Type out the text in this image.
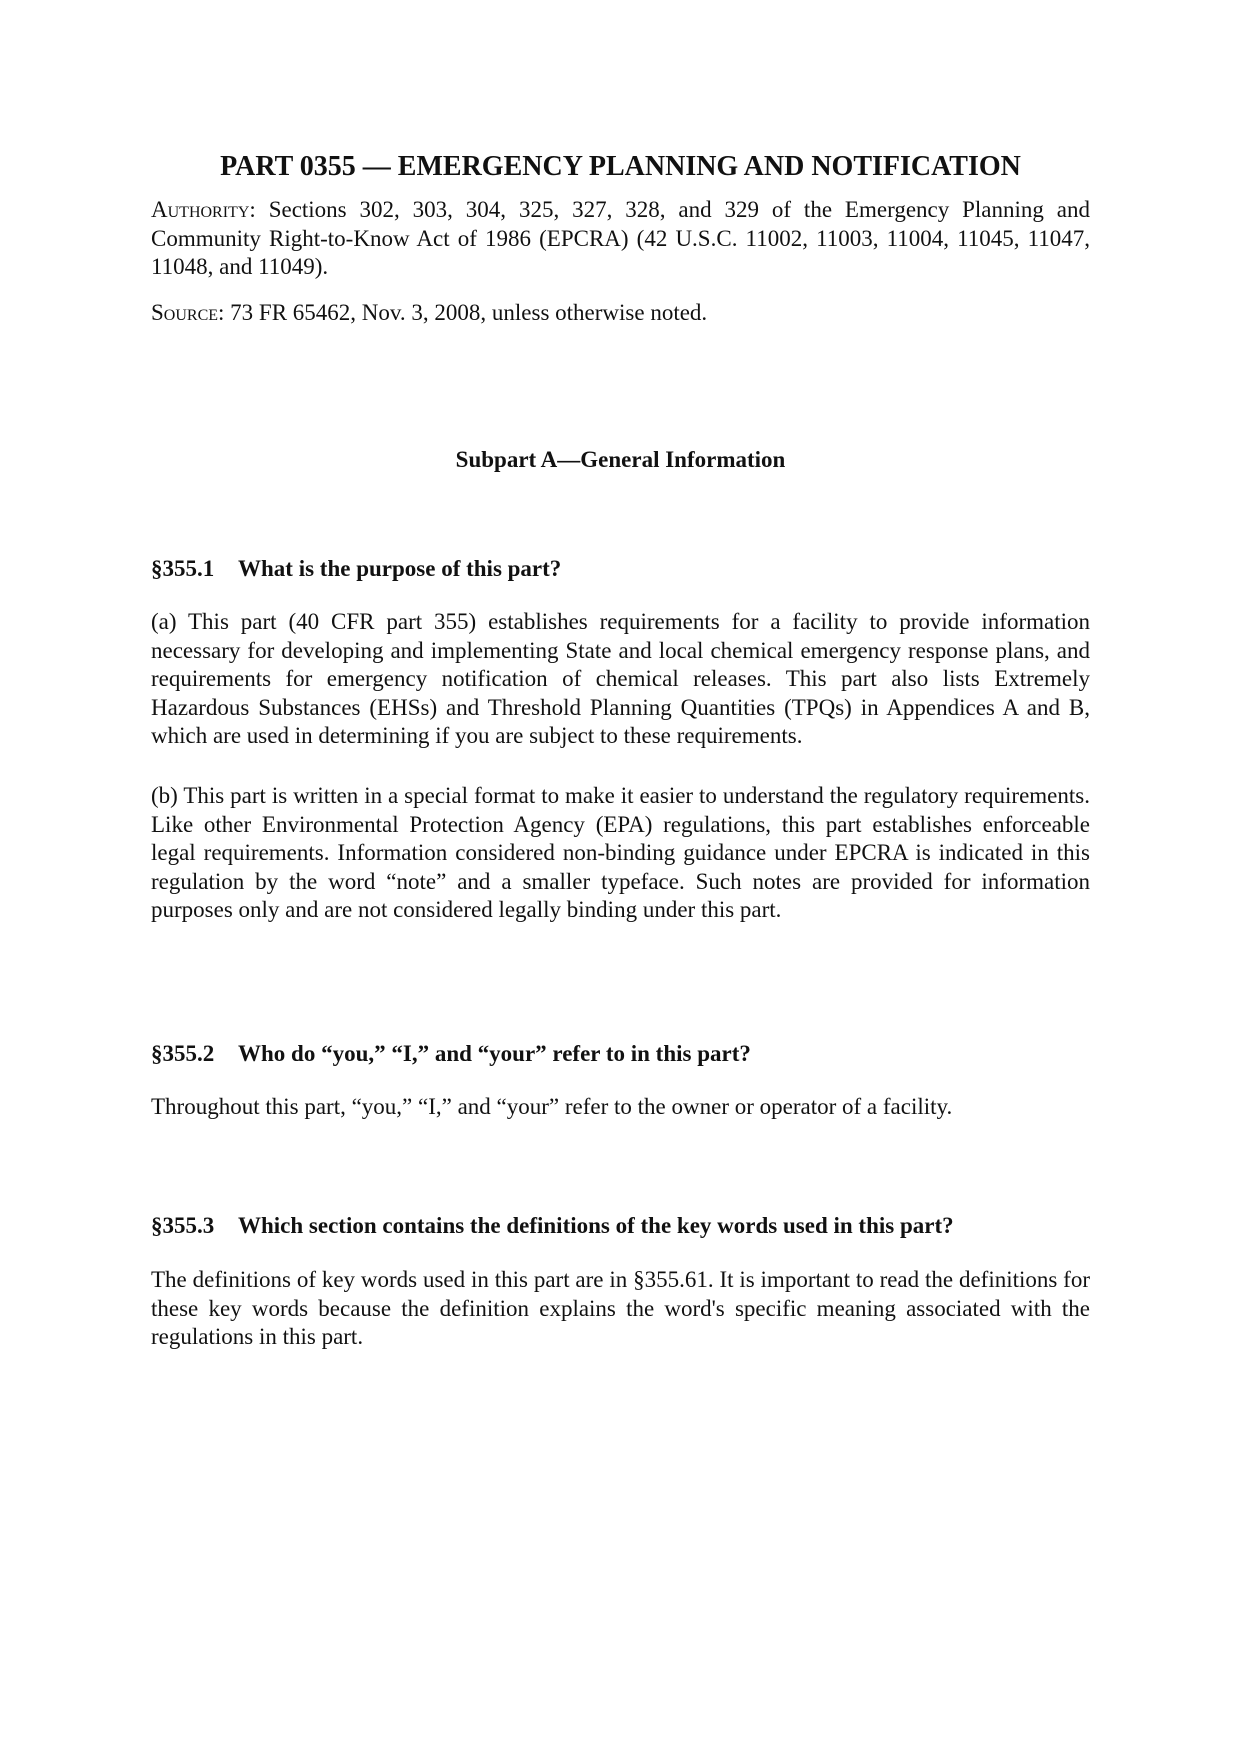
PART 0355 — EMERGENCY PLANNING AND NOTIFICATION

Authority: Sections 302, 303, 304, 325, 327, 328, and 329 of the Emergency Planning and Community Right-to-Know Act of 1986 (EPCRA) (42 U.S.C. 11002, 11003, 11004, 11045, 11047, 11048, and 11049).

Source: 73 FR 65462, Nov. 3, 2008, unless otherwise noted.

Subpart A—General Information
§355.1 What is the purpose of this part?

(a) This part (40 CFR part 355) establishes requirements for a facility to provide information necessary for developing and implementing State and local chemical emergency response plans, and requirements for emergency notification of chemical releases. This part also lists Extremely Hazardous Substances (EHSs) and Threshold Planning Quantities (TPQs) in Appendices A and B, which are used in determining if you are subject to these requirements.

(b) This part is written in a special format to make it easier to understand the regulatory requirements. Like other Environmental Protection Agency (EPA) regulations, this part establishes enforceable legal requirements. Information considered non-binding guidance under EPCRA is indicated in this regulation by the word “note” and a smaller typeface. Such notes are provided for information purposes only and are not considered legally binding under this part.

§355.2 Who do “you,” “I,” and “your” refer to in this part?

Throughout this part, “you,” “I,” and “your” refer to the owner or operator of a facility.

§355.3 Which section contains the definitions of the key words used in this part?

The definitions of key words used in this part are in §355.61. It is important to read the definitions for these key words because the definition explains the word's specific meaning associated with the regulations in this part.
